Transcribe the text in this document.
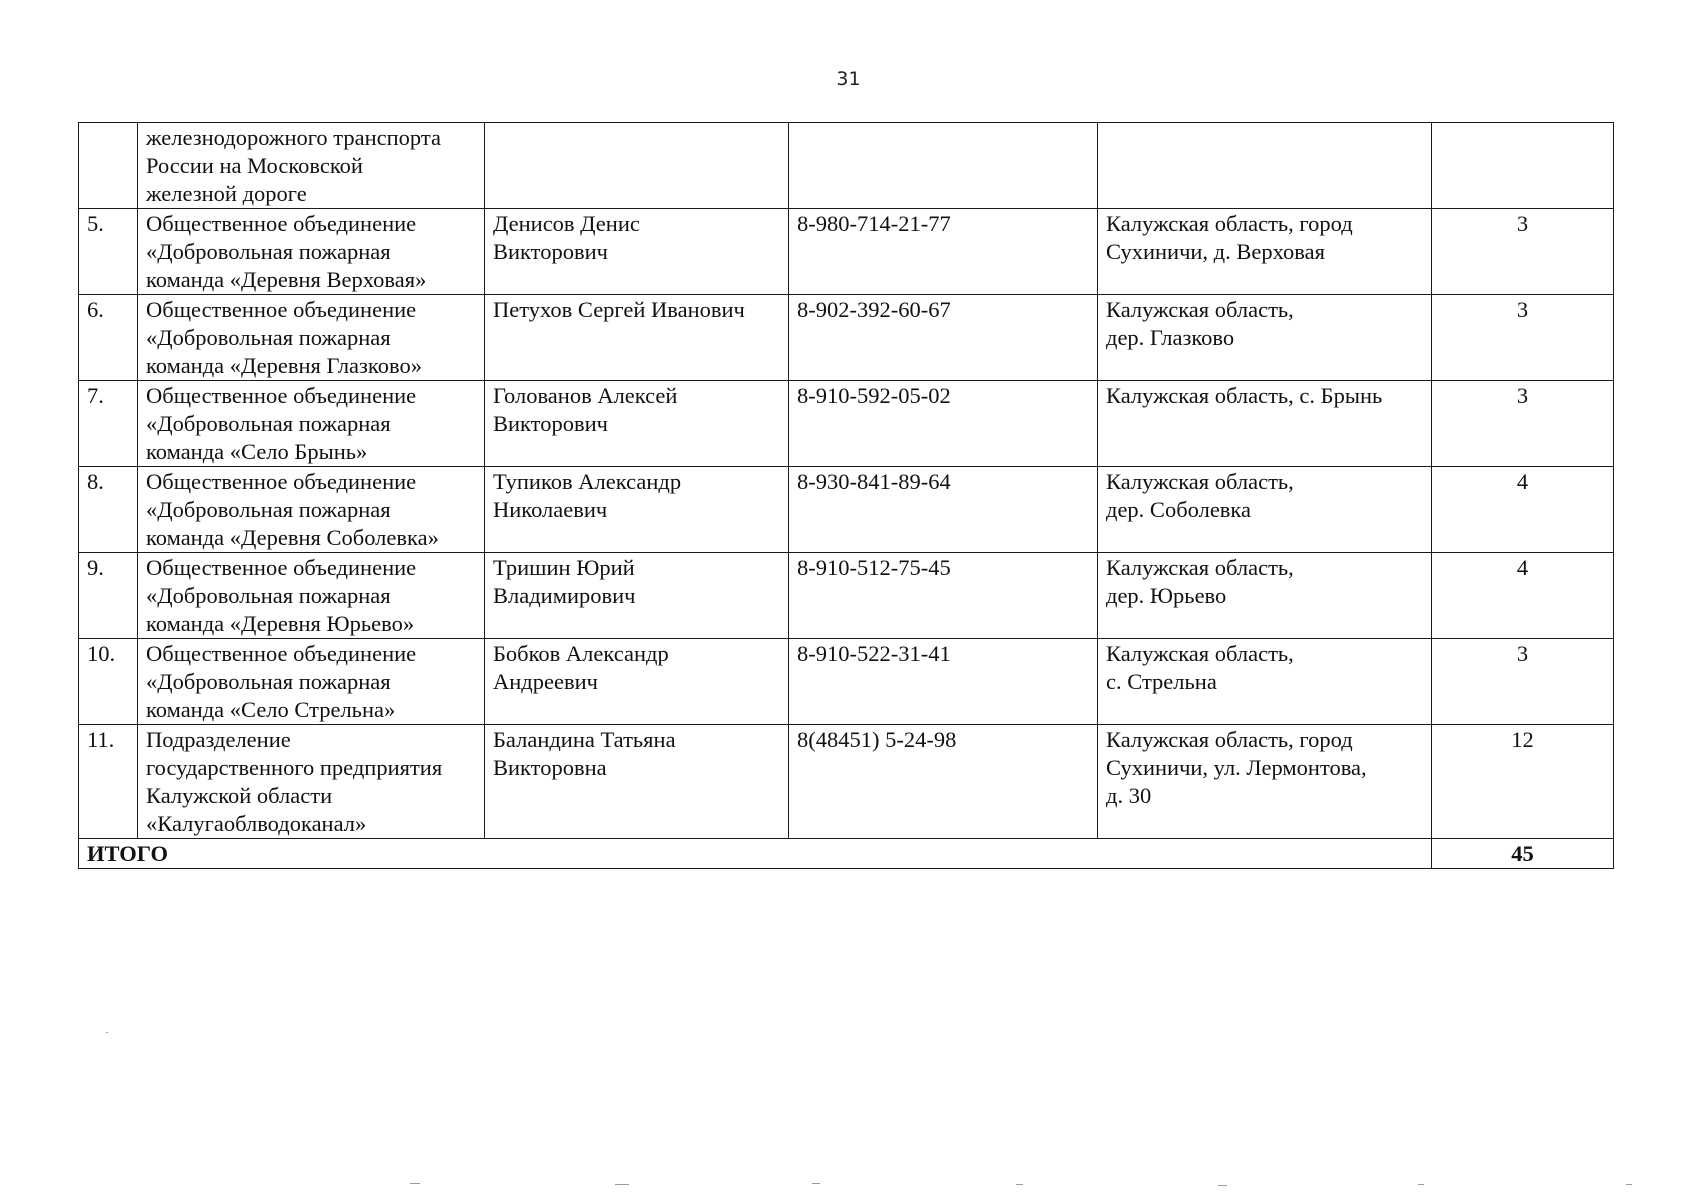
31

	железнодорожного транспорта
России на Московской
железной дороге				

5.	Общественное объединение
«Добровольная пожарная
команда «Деревня Верховая»	Денисов Денис
Викторович	8-980-714-21-77	Калужская область, город
Сухиничи, д. Верховая	3
6.	Общественное объединение
«Добровольная пожарная
команда «Деревня Глазково»	Петухов Сергей Иванович	8-902-392-60-67	Калужская область,
дер. Глазково	3
7.	Общественное объединение
«Добровольная пожарная
команда «Село Брынь»	Голованов Алексей
Викторович	8-910-592-05-02	Калужская область, с. Брынь	3
8.	Общественное объединение
«Добровольная пожарная
команда «Деревня Соболевка»	Тупиков Александр
Николаевич	8-930-841-89-64	Калужская область,
дер. Соболевка	4
9.	Общественное объединение
«Добровольная пожарная
команда «Деревня Юрьево»	Тришин Юрий
Владимирович	8-910-512-75-45	Калужская область,
дер. Юрьево	4
10.	Общественное объединение
«Добровольная пожарная
команда «Село Стрельна»	Бобков Александр
Андреевич	8-910-522-31-41	Калужская область,
с. Стрельна	3
11.	Подразделение
государственного предприятия
Калужской области
«Калугаоблводоканал»	Баландина Татьяна
Викторовна	8(48451) 5-24-98	Калужская область, город
Сухиничи, ул. Лермонтова,
д. 30	12
ИТОГО					45
